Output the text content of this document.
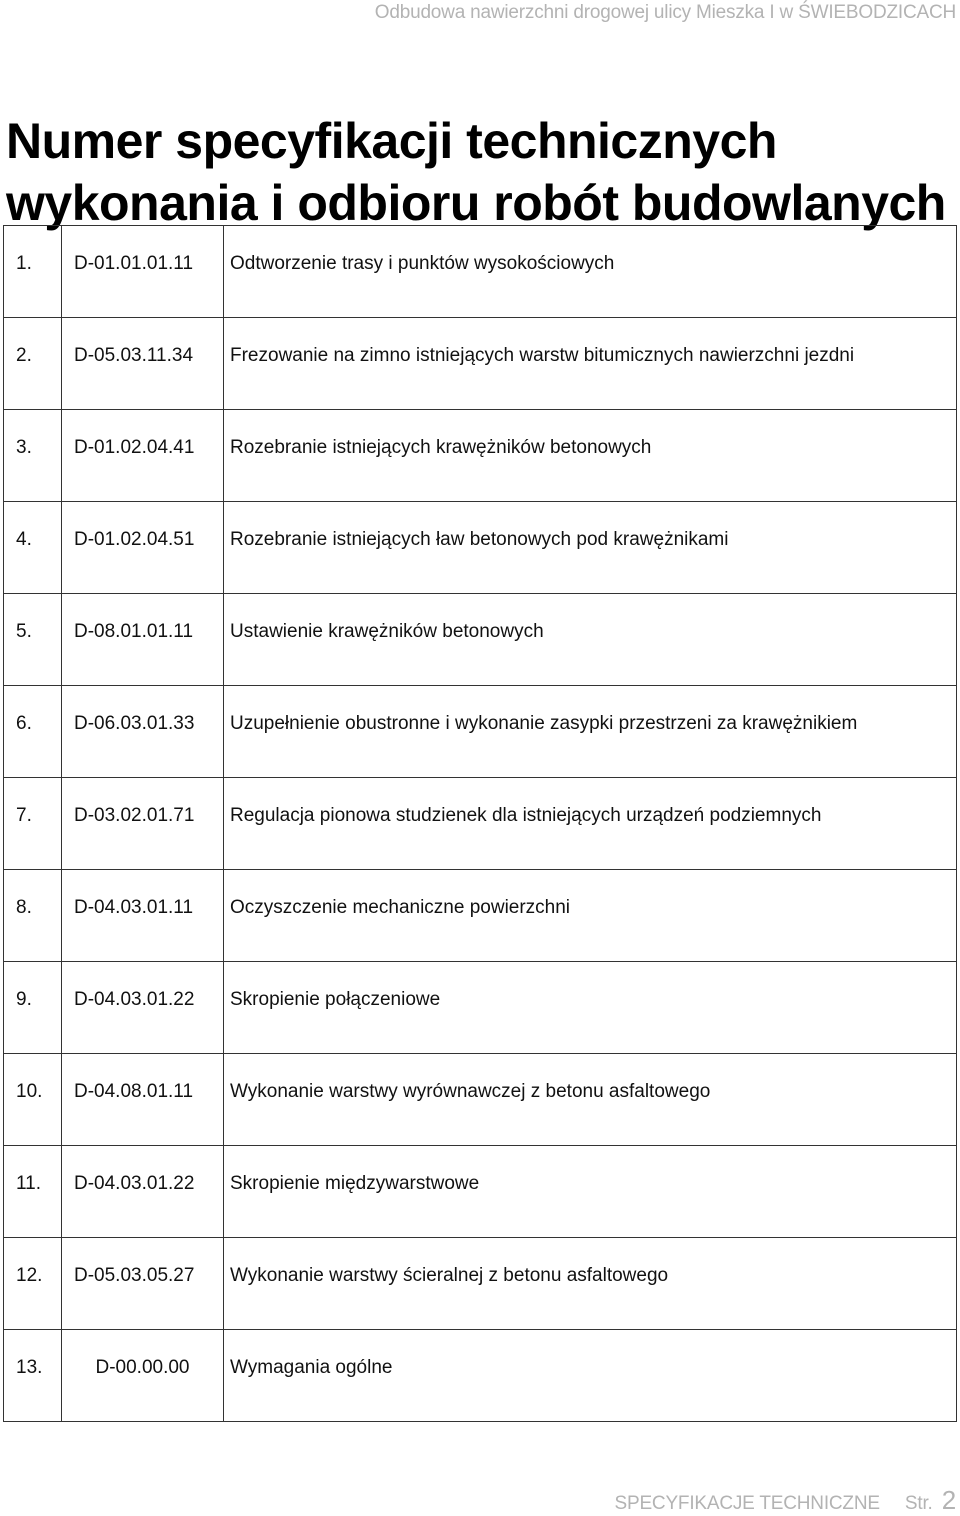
Odbudowa nawierzchni drogowej ulicy Mieszka I w ŚWIEBODZICACH
Numer specyfikacji technicznych
wykonania i odbioru robót budowlanych
1.	D-01.01.01.11	Odtworzenie trasy i punktów wysokościowych

2.	D-05.03.11.34	Frezowanie na zimno istniejących warstw bitumicznych nawierzchni jezdni

3.	D-01.02.04.41	Rozebranie istniejących krawężników betonowych

4.	D-01.02.04.51	Rozebranie istniejących ław betonowych pod krawężnikami

5.	D-08.01.01.11	Ustawienie krawężników betonowych

6.	D-06.03.01.33	Uzupełnienie obustronne i wykonanie zasypki przestrzeni za krawężnikiem

7.	D-03.02.01.71	Regulacja pionowa studzienek dla istniejących urządzeń podziemnych

8.	D-04.03.01.11	Oczyszczenie mechaniczne powierzchni

9.	D-04.03.01.22	Skropienie połączeniowe

10.	D-04.08.01.11	Wykonanie warstwy wyrównawczej z betonu asfaltowego

11.	D-04.03.01.22	Skropienie międzywarstwowe

12.	D-05.03.05.27	Wykonanie warstwy ścieralnej z betonu asfaltowego

13.	D-00.00.00	Wymagania ogólne
SPECYFIKACJE TECHNICZNE Str. 2
